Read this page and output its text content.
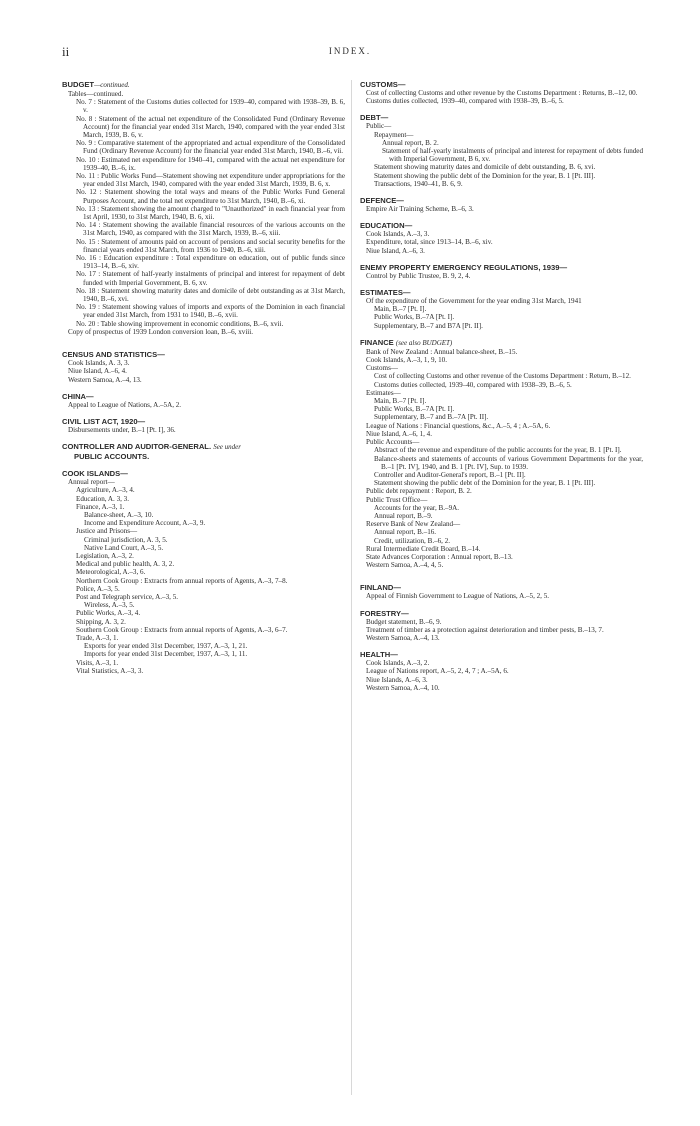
ii	INDEX.
BUDGET—continued.
Tables—continued.
No. 7 : Statement of the Customs duties collected for 1939–40, compared with 1938–39, B. 6, v.
No. 8 : Statement of the actual net expenditure of the Consolidated Fund (Ordinary Revenue Account) for the financial year ended 31st March, 1940, compared with the year ended 31st March, 1939, B. 6, v.
No. 9 : Comparative statement of the appropriated and actual expenditure of the Consolidated Fund (Ordinary Revenue Account) for the financial year ended 31st March, 1940, B.–6, vii.
No. 10 : Estimated net expenditure for 1940–41, compared with the actual net expenditure for 1939–40, B.–6, ix.
No. 11 : Public Works Fund—Statement showing net expenditure under appropriations for the year ended 31st March, 1940, compared with the year ended 31st March, 1939, B. 6, x.
No. 12 : Statement showing the total ways and means of the Public Works Fund General Purposes Account, and the total net expenditure to 31st March, 1940, B.–6, xi.
No. 13 : Statement showing the amount charged to "Unauthorized" in each financial year from 1st April, 1930, to 31st March, 1940, B. 6, xii.
No. 14 : Statement showing the available financial resources of the various accounts on the 31st March, 1940, as compared with the 31st March, 1939, B.–6, xiii.
No. 15 : Statement of amounts paid on account of pensions and social security benefits for the financial years ended 31st March, from 1936 to 1940, B.–6, xiii.
No. 16 : Education expenditure : Total expenditure on education, out of public funds since 1913–14, B.–6, xiv.
No. 17 : Statement of half-yearly instalments of principal and interest for repayment of debt funded with Imperial Government, B. 6, xv.
No. 18 : Statement showing maturity dates and domicile of debt outstanding as at 31st March, 1940, B.–6, xvi.
No. 19 : Statement showing values of imports and exports of the Dominion in each financial year ended 31st March, from 1931 to 1940, B.–6, xvii.
No. 20 : Table showing improvement in economic conditions, B.–6, xvii.
Copy of prospectus of 1939 London conversion loan, B.–6, xviii.
CENSUS AND STATISTICS—
Cook Islands, A. 3, 3.
Niue Island, A.–6, 4.
Western Samoa, A.–4, 13.
CHINA—
Appeal to League of Nations, A.–5A, 2.
CIVIL LIST ACT, 1920—
Disbursements under, B.–1 [Pt. I], 36.
CONTROLLER AND AUDITOR-GENERAL. See under
PUBLIC ACCOUNTS.
COOK ISLANDS—
Annual report—
Agriculture, A.–3, 4.
Education, A. 3, 3.
Finance, A.–3, 1.
Balance-sheet, A.–3, 10.
Income and Expenditure Account, A.–3, 9.
Justice and Prisons—
Criminal jurisdiction, A. 3, 5.
Native Land Court, A.–3, 5.
Legislation, A.–3, 2.
Medical and public health, A. 3, 2.
Meteorological, A.–3, 6.
Northern Cook Group : Extracts from annual reports of Agents, A.–3, 7–8.
Police, A.–3, 5.
Post and Telegraph service, A.–3, 5.
Wireless, A.–3, 5.
Public Works, A.–3, 4.
Shipping, A. 3, 2.
Southern Cook Group : Extracts from annual reports of Agents, A.–3, 6–7.
Trade, A.–3, 1.
Exports for year ended 31st December, 1937, A.–3, 1, 21.
Imports for year ended 31st December, 1937, A.–3, 1, 11.
Visits, A.–3, 1.
Vital Statistics, A.–3, 3.
CUSTOMS—
Cost of collecting Customs and other revenue by the Customs Department : Returns, B.–12, 00.
Customs duties collected, 1939–40, compared with 1938–39, B.–6, 5.
DEBT—
Public—
Repayment—
Annual report, B. 2.
Statement of half-yearly instalments of principal and interest for repayment of debts funded with Imperial Government, B 6, xv.
Statement showing maturity dates and domicile of debt outstanding, B. 6, xvi.
Statement showing the public debt of the Dominion for the year, B. 1 [Pt. III].
Transactions, 1940–41, B. 6, 9.
DEFENCE—
Empire Air Training Scheme, B.–6, 3.
EDUCATION—
Cook Islands, A.–3, 3.
Expenditure, total, since 1913–14, B.–6, xiv.
Niue Island, A.–6, 3.
ENEMY PROPERTY EMERGENCY REGULATIONS, 1939—
Control by Public Trustee, B. 9, 2, 4.
ESTIMATES—
Of the expenditure of the Government for the year ending 31st March, 1941
Main, B.–7 [Pt. I].
Public Works, B.–7A [Pt. I].
Supplementary, B.–7 and B7A [Pt. II].
FINANCE (see also BUDGET)
Bank of New Zealand : Annual balance-sheet, B.–15.
Cook Islands, A.–3, 1, 9, 10.
Customs—
Cost of collecting Customs and other revenue of the Customs Department : Return, B.–12.
Customs duties collected, 1939–40, compared with 1938–39, B.–6, 5.
Estimates—
Main, B.–7 [Pt. I].
Public Works, B.–7A [Pt. I].
Supplementary, B.–7 and B.–7A [Pt. II].
League of Nations : Financial questions, &c., A.–5, 4 ; A.–5A, 6.
Niue Island, A.–6, 1, 4.
Public Accounts—
Abstract of the revenue and expenditure of the public accounts for the year, B. 1 [Pt. I].
Balance-sheets and statements of accounts of various Government Departments for the year, B.–1 [Pt. IV], 1940, and B. 1 [Pt. IV], Sup. to 1939.
Controller and Auditor-General's report, B.–1 [Pt. II].
Statement showing the public debt of the Dominion for the year, B. 1 [Pt. III].
Public debt repayment : Report, B. 2.
Public Trust Office—
Accounts for the year, B.–9A.
Annual report, B.–9.
Reserve Bank of New Zealand—
Annual report, B.–16.
Credit, utilization, B.–6, 2.
Rural Intermediate Credit Board, B.–14.
State Advances Corporation : Annual report, B.–13.
Western Samoa, A.–4, 4, 5.
FINLAND—
Appeal of Finnish Government to League of Nations, A.–5, 2, 5.
FORESTRY—
Budget statement, B.–6, 9.
Treatment of timber as a protection against deterioration and timber pests, B.–13, 7.
Western Samoa, A.–4, 13.
HEALTH—
Cook Islands, A.–3, 2.
League of Nations report, A.–5, 2, 4, 7 ; A.–5A, 6.
Niue Islands, A.–6, 3.
Western Samoa, A.–4, 10.
